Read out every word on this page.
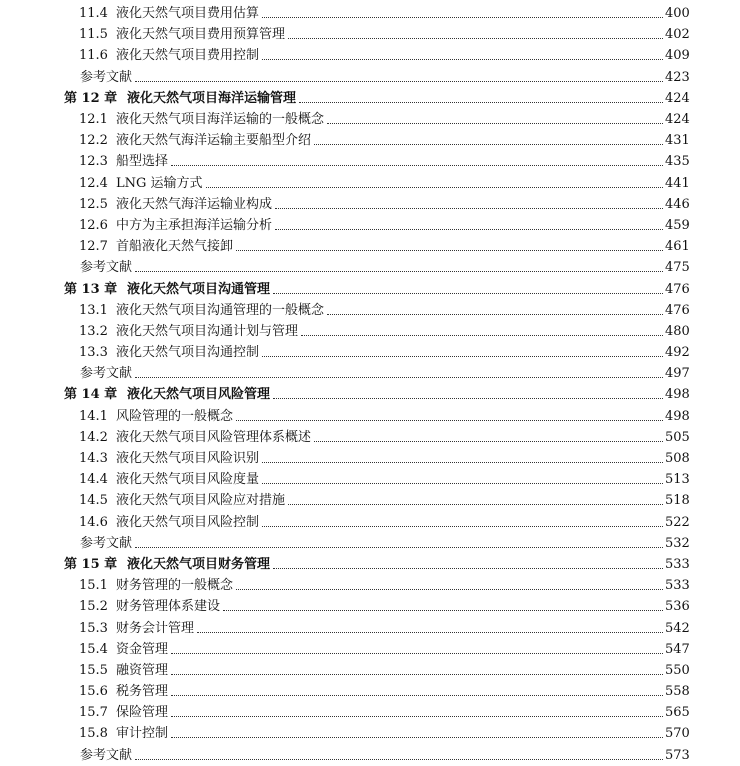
11.4 液化天然气项目费用估算	400
11.5 液化天然气项目费用预算管理	402
11.6 液化天然气项目费用控制	409
参考文献	423
第 12 章 液化天然气项目海洋运输管理	424
12.1 液化天然气项目海洋运输的一般概念	424
12.2 液化天然气海洋运输主要船型介绍	431
12.3 船型选择	435
12.4 LNG 运输方式	441
12.5 液化天然气海洋运输业构成	446
12.6 中方为主承担海洋运输分析	459
12.7 首船液化天然气接卸	461
参考文献	475
第 13 章 液化天然气项目沟通管理	476
13.1 液化天然气项目沟通管理的一般概念	476
13.2 液化天然气项目沟通计划与管理	480
13.3 液化天然气项目沟通控制	492
参考文献	497
第 14 章 液化天然气项目风险管理	498
14.1 风险管理的一般概念	498
14.2 液化天然气项目风险管理体系概述	505
14.3 液化天然气项目风险识别	508
14.4 液化天然气项目风险度量	513
14.5 液化天然气项目风险应对措施	518
14.6 液化天然气项目风险控制	522
参考文献	532
第 15 章 液化天然气项目财务管理	533
15.1 财务管理的一般概念	533
15.2 财务管理体系建设	536
15.3 财务会计管理	542
15.4 资金管理	547
15.5 融资管理	550
15.6 税务管理	558
15.7 保险管理	565
15.8 审计控制	570
参考文献	573
